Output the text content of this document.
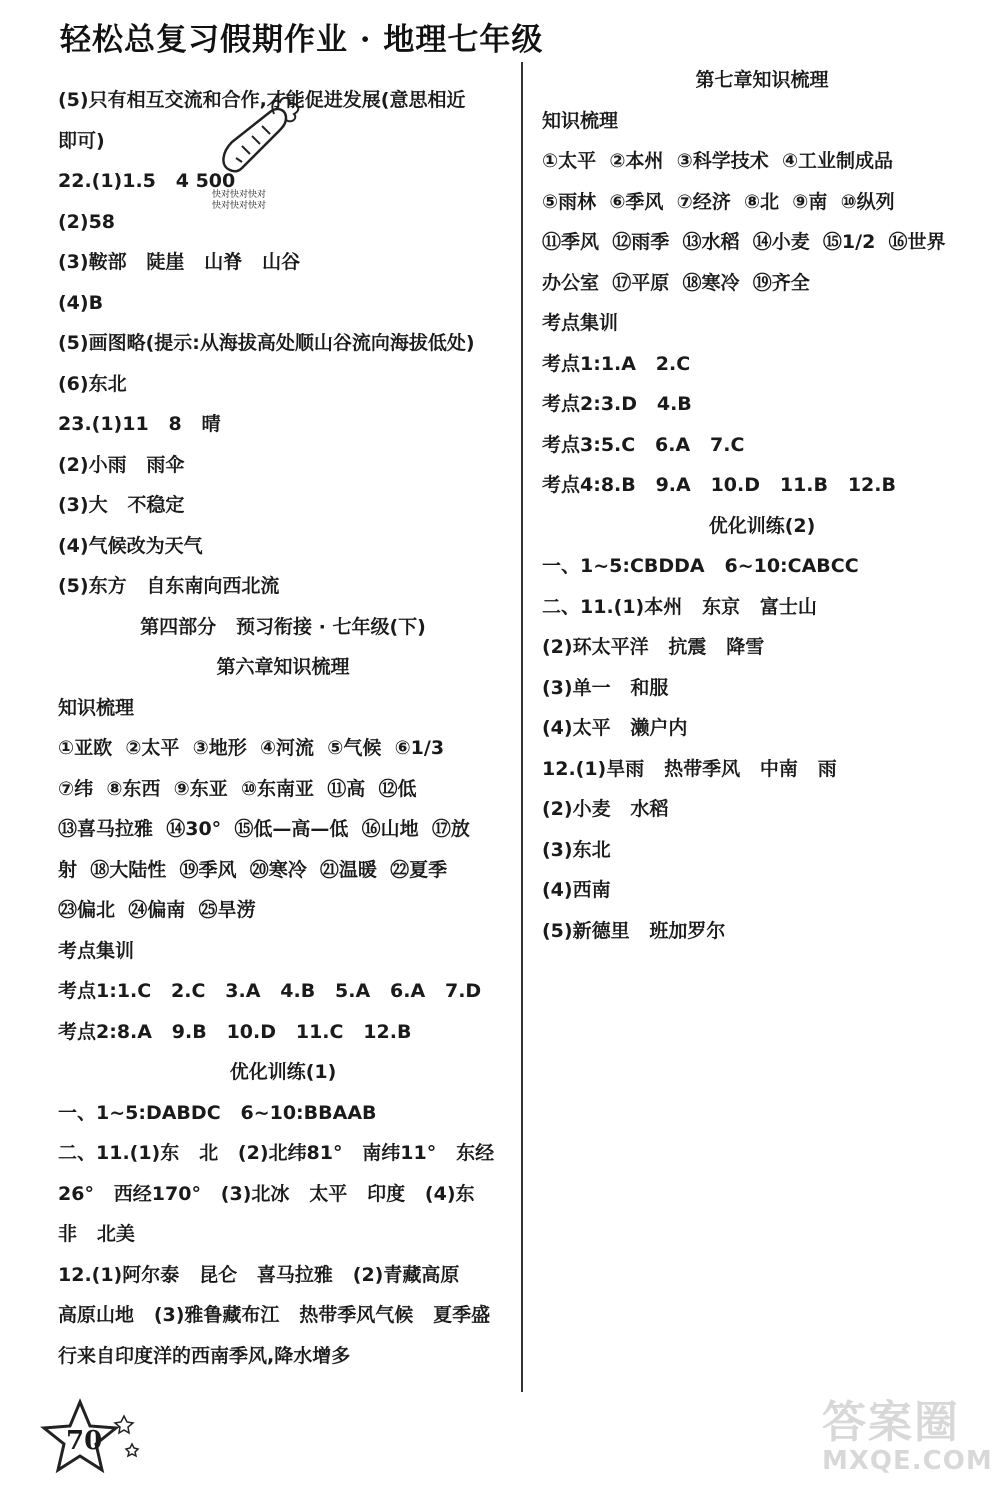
轻松总复习假期作业 · 地理七年级
快对快对快对
快对快对快对
(5)只有相互交流和合作,才能促进发展(意思相近
即可)
22.(1)1.5   4 500
(2)58
(3)鞍部   陡崖   山脊   山谷
(4)B
(5)画图略(提示:从海拔高处顺山谷流向海拔低处)
(6)东北
23.(1)11   8   晴
(2)小雨   雨伞
(3)大   不稳定
(4)气候改为天气
(5)东方   自东南向西北流
第四部分   预习衔接 · 七年级(下)
第六章知识梳理
知识梳理
①亚欧  ②太平  ③地形  ④河流  ⑤气候  ⑥1/3
⑦纬  ⑧东西  ⑨东亚  ⑩东南亚  ⑪高  ⑫低
⑬喜马拉雅  ⑭30°  ⑮低—高—低  ⑯山地  ⑰放
射  ⑱大陆性  ⑲季风  ⑳寒冷  ㉑温暖  ㉒夏季
㉓偏北  ㉔偏南  ㉕旱涝
考点集训
考点1:1.C   2.C   3.A   4.B   5.A   6.A   7.D
考点2:8.A   9.B   10.D   11.C   12.B
优化训练(1)
一、1~5:DABDC   6~10:BBAAB
二、11.(1)东   北   (2)北纬81°   南纬11°   东经
26°   西经170°   (3)北冰   太平   印度   (4)东
非   北美
12.(1)阿尔泰   昆仑   喜马拉雅   (2)青藏高原
高原山地   (3)雅鲁藏布江   热带季风气候   夏季盛
行来自印度洋的西南季风,降水增多
第七章知识梳理
知识梳理
①太平  ②本州  ③科学技术  ④工业制成品
⑤雨林  ⑥季风  ⑦经济  ⑧北  ⑨南  ⑩纵列
⑪季风  ⑫雨季  ⑬水稻  ⑭小麦  ⑮1/2  ⑯世界
办公室  ⑰平原  ⑱寒冷  ⑲齐全
考点集训
考点1:1.A   2.C
考点2:3.D   4.B
考点3:5.C   6.A   7.C
考点4:8.B   9.A   10.D   11.B   12.B
优化训练(2)
一、1~5:CBDDA   6~10:CABCC
二、11.(1)本州   东京   富士山
(2)环太平洋   抗震   降雪
(3)单一   和服
(4)太平   濑户内
12.(1)旱雨   热带季风   中南   雨
(2)小麦   水稻
(3)东北
(4)西南
(5)新德里   班加罗尔
70	答案圈
MXQE.COM
